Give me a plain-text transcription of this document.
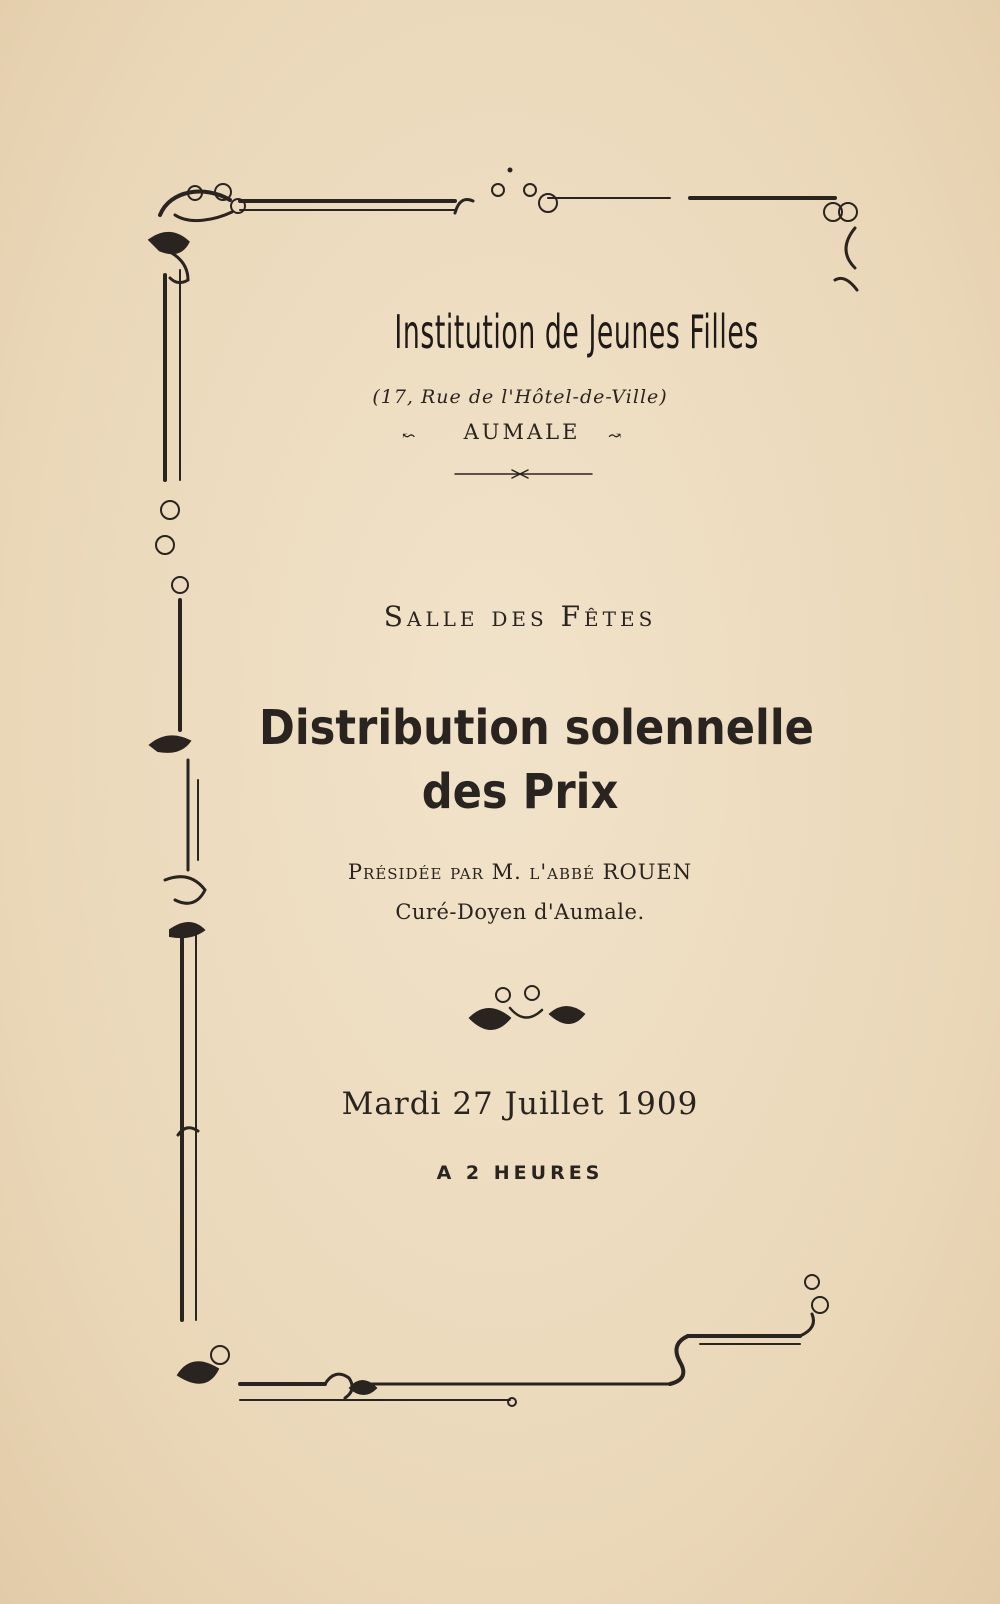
Institution de Jeunes Filles
(17, Rue de l'Hôtel-de-Ville)
↜ AUMALE ↝
Salle des Fêtes
Distribution solennelle
des Prix
Présidée par M. l'abbé ROUEN
Curé-Doyen d'Aumale.
Mardi 27 Juillet 1909
A 2 HEURES
